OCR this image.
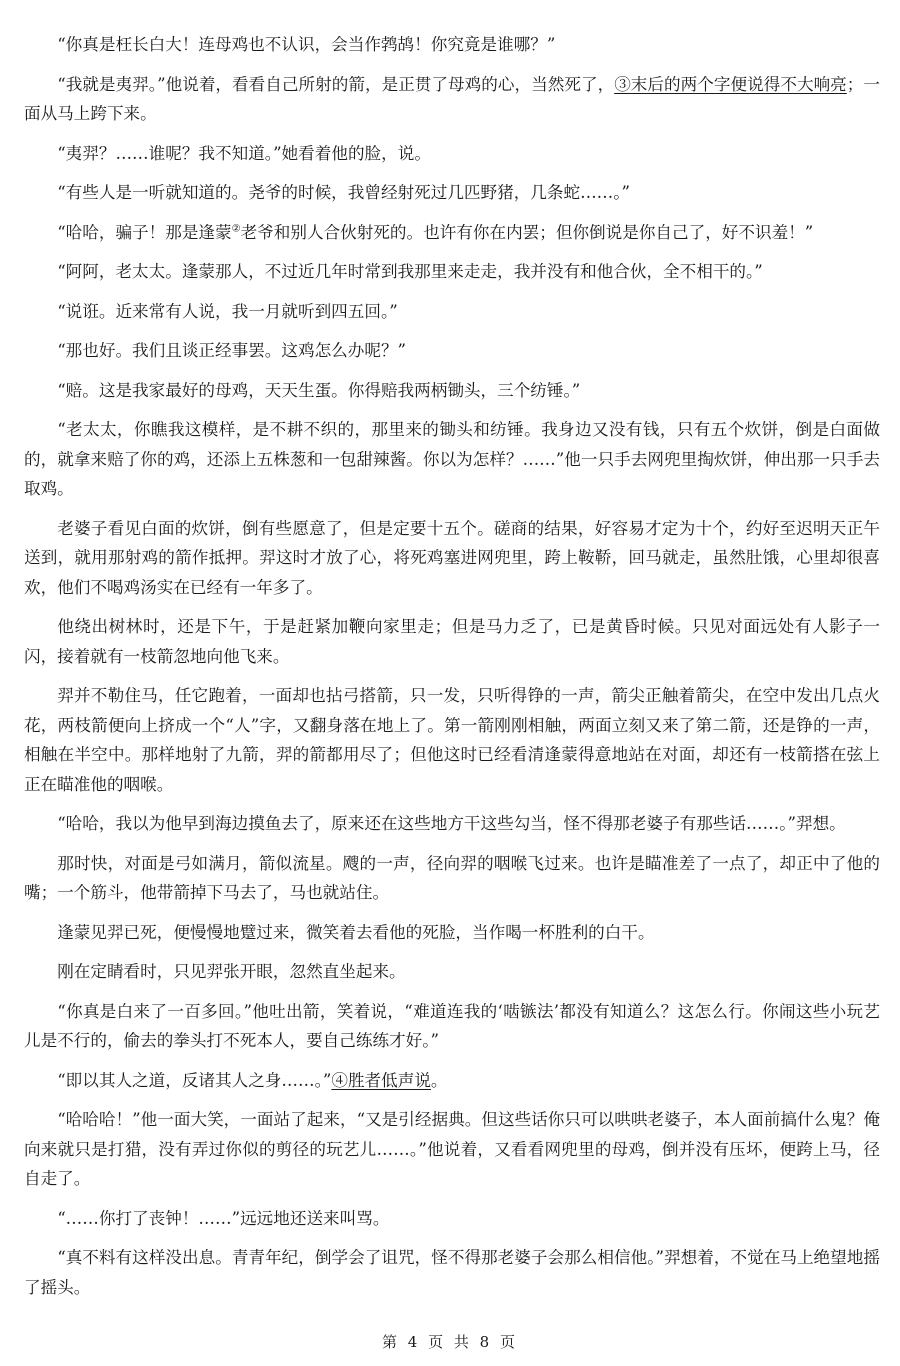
“你真是枉长白大！连母鸡也不认识，会当作鹁鸪！你究竟是谁哪？”

“我就是夷羿。”他说着，看看自己所射的箭，是正贯了母鸡的心，当然死了，③末后的两个字便说得不大响亮；一面从马上跨下来。

“夷羿？……谁呢？我不知道。”她看着他的脸，说。

“有些人是一听就知道的。尧爷的时候，我曾经射死过几匹野猪，几条蛇……。”

“哈哈，骗子！那是逢蒙②老爷和别人合伙射死的。也许有你在内罢；但你倒说是你自己了，好不识羞！”

“阿阿，老太太。逢蒙那人，不过近几年时常到我那里来走走，我并没有和他合伙，全不相干的。”

“说诳。近来常有人说，我一月就听到四五回。”

“那也好。我们且谈正经事罢。这鸡怎么办呢？”

“赔。这是我家最好的母鸡，天天生蛋。你得赔我两柄锄头，三个纺锤。”

“老太太，你瞧我这模样，是不耕不织的，那里来的锄头和纺锤。我身边又没有钱，只有五个炊饼，倒是白面做的，就拿来赔了你的鸡，还添上五株葱和一包甜辣酱。你以为怎样？……”他一只手去网兜里掏炊饼，伸出那一只手去取鸡。

老婆子看见白面的炊饼，倒有些愿意了，但是定要十五个。磋商的结果，好容易才定为十个，约好至迟明天正午送到，就用那射鸡的箭作抵押。羿这时才放了心，将死鸡塞进网兜里，跨上鞍鞒，回马就走，虽然肚饿，心里却很喜欢，他们不喝鸡汤实在已经有一年多了。

他绕出树林时，还是下午，于是赶紧加鞭向家里走；但是马力乏了，已是黄昏时候。只见对面远处有人影子一闪，接着就有一枝箭忽地向他飞来。

羿并不勒住马，任它跑着，一面却也拈弓搭箭，只一发，只听得铮的一声，箭尖正触着箭尖，在空中发出几点火花，两枝箭便向上挤成一个“人”字，又翻身落在地上了。第一箭刚刚相触，两面立刻又来了第二箭，还是铮的一声，相触在半空中。那样地射了九箭，羿的箭都用尽了；但他这时已经看清逢蒙得意地站在对面，却还有一枝箭搭在弦上正在瞄准他的咽喉。

“哈哈，我以为他早到海边摸鱼去了，原来还在这些地方干这些勾当，怪不得那老婆子有那些话……。”羿想。

那时快，对面是弓如满月，箭似流星。飕的一声，径向羿的咽喉飞过来。也许是瞄准差了一点了，却正中了他的嘴；一个筋斗，他带箭掉下马去了，马也就站住。

逢蒙见羿已死，便慢慢地躄过来，微笑着去看他的死脸，当作喝一杯胜利的白干。

刚在定睛看时，只见羿张开眼，忽然直坐起来。

“你真是白来了一百多回。”他吐出箭，笑着说，“难道连我的‘啮镞法’都没有知道么？这怎么行。你闹这些小玩艺儿是不行的，偷去的拳头打不死本人，要自己练练才好。”

“即以其人之道，反诸其人之身……。”④胜者低声说。

“哈哈哈！”他一面大笑，一面站了起来，“又是引经据典。但这些话你只可以哄哄老婆子，本人面前搞什么鬼？俺向来就只是打猎，没有弄过你似的剪径的玩艺儿……。”他说着，又看看网兜里的母鸡，倒并没有压坏，便跨上马，径自走了。

“……你打了丧钟！……”远远地还送来叫骂。

“真不料有这样没出息。青青年纪，倒学会了诅咒，怪不得那老婆子会那么相信他。”羿想着，不觉在马上绝望地摇了摇头。

第 4 页 共 8 页
